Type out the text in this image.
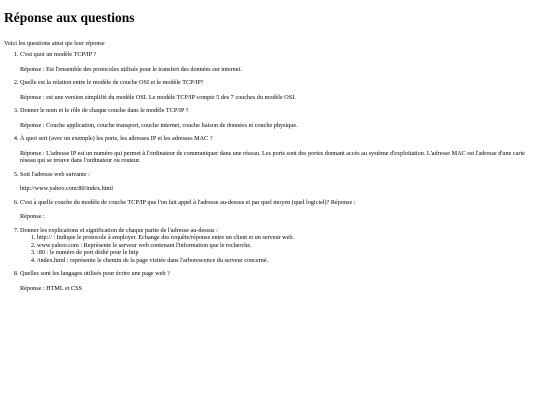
Réponse aux questions

Voici les questions ainsi qie leur réponse

1. C'est quoi un modèle TCP/IP ?

Réponse : Est l'ensemble des protocoles utilisés pour le transfert des données sur internet.

2. Quelle est la relation entre le modèle de couche OSI et le modèle TCP/IP?

Réponse : est une version simplifié du modèle OSI. Le modèle TCP/IP compte 5 des 7 couches du modèle OSI.

3. Donner le nom et le rôle de chaque couche dans le modèle TCP/IP ?

Réponse : Couche application, couche transport, couche internet, couche liaison de données et couche physique.

4. À quoi sert (avec un exemple) les ports, les adresses IP et les adresses MAC ?

Réponse : L'adresse IP est un numéro qui permet à l'ordinateur de communiquer dans une réseau. Les ports sont des portes donnant accès au système d'exploitation. L'adresse MAC est l'adresse d'une carte réseau qui se trouve dans l'ordinateur ou routeur.

5. Soit l'adresse web suivante :

http://www.yahoo.com:80/index.html

6. C'est à quelle couche du modèle de couche TCP/IP que l'on fait appel à l'adresse au-dessus et par quel moyen (quel logiciel)? Réponse :

Réponse :

7. Donner les explications et signification de chaque partie de l'adresse au-dessus :

1. http:// : Indique le protocole à employer. Echange des requête/réponse entre un client et un serveur web.
2. www.yahoo.com : Représente le serveur web contenant l'information que le recherche.
3. :80 : le numéro de port dédié pour le http
4. /index.html : représente le chemin de la page visitée dans l'arborescence du serveur concerné.

8. Quelles sont les langages utilisés pour écrire une page web ?

Réponse : HTML et CSS
